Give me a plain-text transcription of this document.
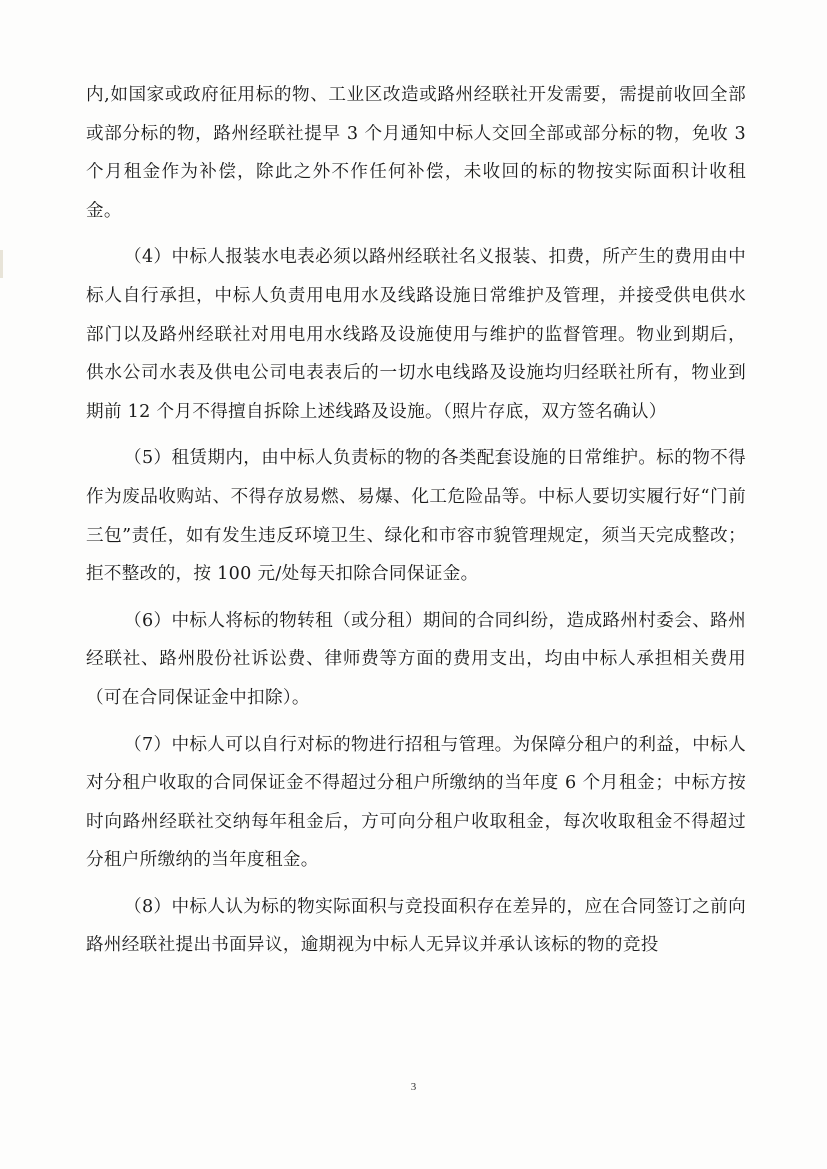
内,如国家或政府征用标的物、工业区改造或路州经联社开发需要，需提前收回全部或部分标的物，路州经联社提早 3 个月通知中标人交回全部或部分标的物，免收 3 个月租金作为补偿，除此之外不作任何补偿，未收回的标的物按实际面积计收租金。

（4）中标人报装水电表必须以路州经联社名义报装、扣费，所产生的费用由中标人自行承担，中标人负责用电用水及线路设施日常维护及管理，并接受供电供水部门以及路州经联社对用电用水线路及设施使用与维护的监督管理。物业到期后，供水公司水表及供电公司电表表后的一切水电线路及设施均归经联社所有，物业到期前 12 个月不得擅自拆除上述线路及设施。（照片存底，双方签名确认）

（5）租赁期内，由中标人负责标的物的各类配套设施的日常维护。标的物不得作为废品收购站、不得存放易燃、易爆、化工危险品等。中标人要切实履行好“门前三包”责任，如有发生违反环境卫生、绿化和市容市貌管理规定，须当天完成整改；拒不整改的，按 100 元/处每天扣除合同保证金。

（6）中标人将标的物转租（或分租）期间的合同纠纷，造成路州村委会、路州经联社、路州股份社诉讼费、律师费等方面的费用支出，均由中标人承担相关费用（可在合同保证金中扣除）。

（7）中标人可以自行对标的物进行招租与管理。为保障分租户的利益，中标人对分租户收取的合同保证金不得超过分租户所缴纳的当年度 6 个月租金；中标方按时向路州经联社交纳每年租金后，方可向分租户收取租金，每次收取租金不得超过分租户所缴纳的当年度租金。

（8）中标人认为标的物实际面积与竞投面积存在差异的，应在合同签订之前向路州经联社提出书面异议，逾期视为中标人无异议并承认该标的物的竞投

3
